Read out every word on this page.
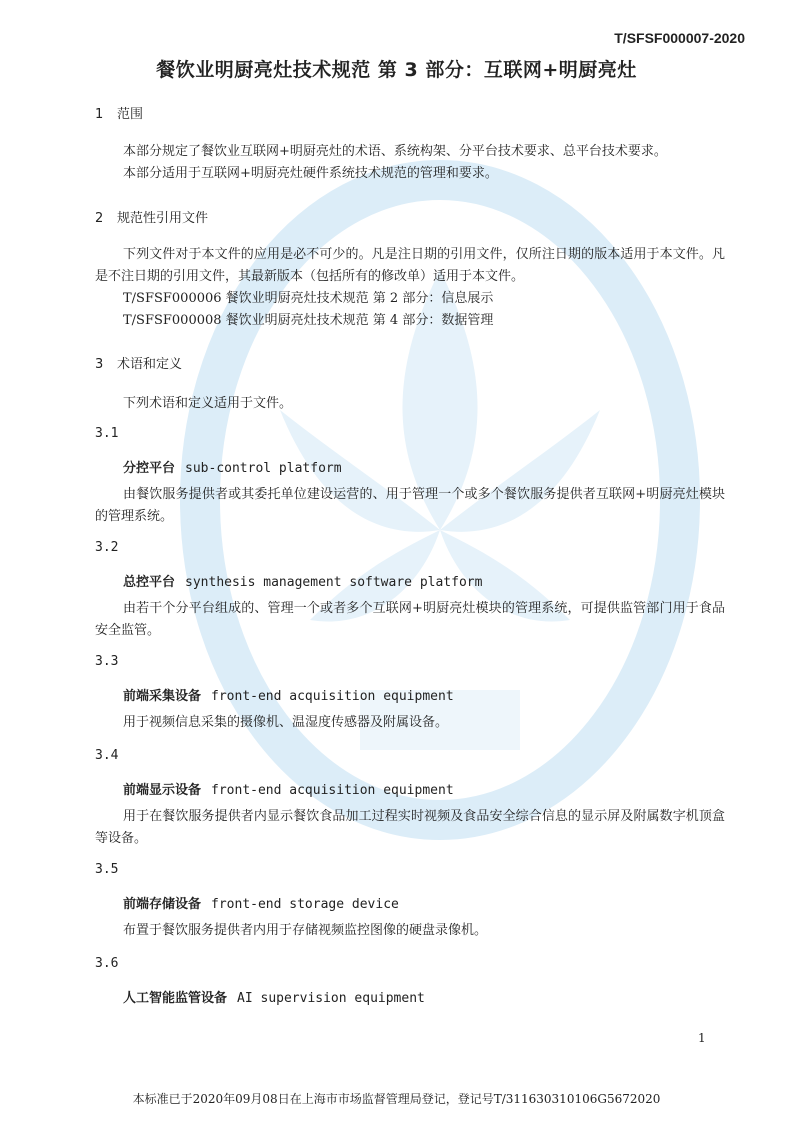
T/SFSF000007-2020
餐饮业明厨亮灶技术规范 第 3 部分：互联网+明厨亮灶
1 范围
本部分规定了餐饮业互联网+明厨亮灶的术语、系统构架、分平台技术要求、总平台技术要求。
本部分适用于互联网+明厨亮灶硬件系统技术规范的管理和要求。
2 规范性引用文件
下列文件对于本文件的应用是必不可少的。凡是注日期的引用文件，仅所注日期的版本适用于本文件。凡是不注日期的引用文件，其最新版本（包括所有的修改单）适用于本文件。
T/SFSF000006 餐饮业明厨亮灶技术规范 第 2 部分：信息展示
T/SFSF000008 餐饮业明厨亮灶技术规范 第 4 部分：数据管理
3 术语和定义
下列术语和定义适用于文件。
3.1
分控平台 sub-control platform
由餐饮服务提供者或其委托单位建设运营的、用于管理一个或多个餐饮服务提供者互联网+明厨亮灶模块的管理系统。
3.2
总控平台 synthesis management software platform
由若干个分平台组成的、管理一个或者多个互联网+明厨亮灶模块的管理系统，可提供监管部门用于食品安全监管。
3.3
前端采集设备 front-end acquisition equipment
用于视频信息采集的摄像机、温湿度传感器及附属设备。
3.4
前端显示设备 front-end acquisition equipment
用于在餐饮服务提供者内显示餐饮食品加工过程实时视频及食品安全综合信息的显示屏及附属数字机顶盒等设备。
3.5
前端存储设备 front-end storage device
布置于餐饮服务提供者内用于存储视频监控图像的硬盘录像机。
3.6
人工智能监管设备 AI supervision equipment
1
本标准已于2020年09月08日在上海市市场监督管理局登记，登记号T/311630310106G5672020
